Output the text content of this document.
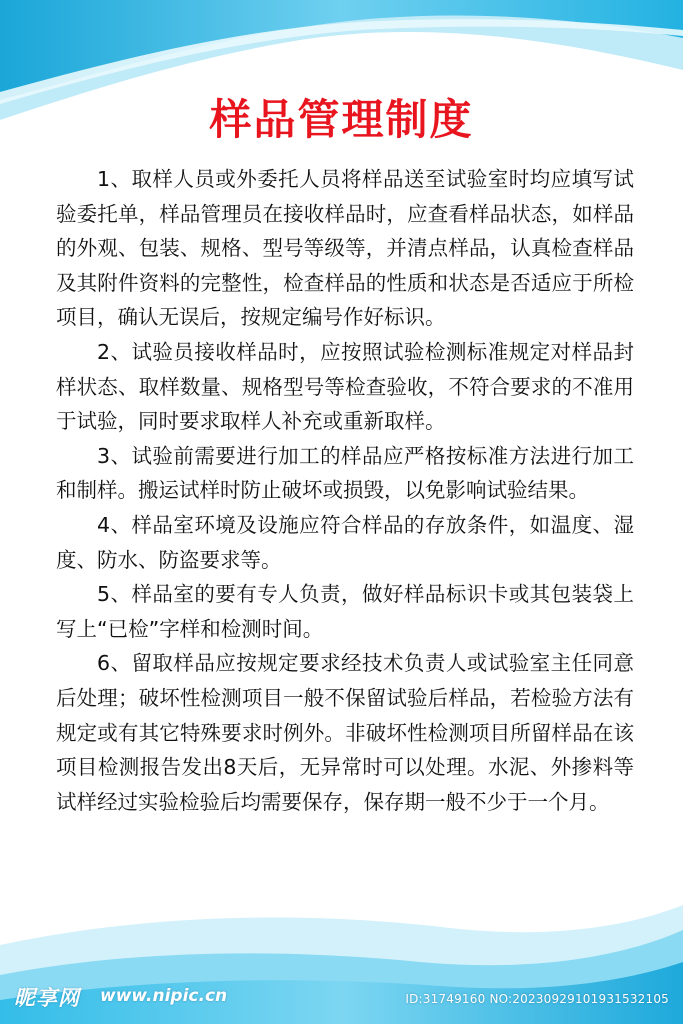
样品管理制度

1、取样人员或外委托人员将样品送至试验室时均应填写试验委托单，样品管理员在接收样品时，应查看样品状态，如样品的外观、包装、规格、型号等级等，并清点样品，认真检查样品及其附件资料的完整性，检查样品的性质和状态是否适应于所检项目，确认无误后，按规定编号作好标识。

2、试验员接收样品时，应按照试验检测标准规定对样品封样状态、取样数量、规格型号等检查验收，不符合要求的不准用于试验，同时要求取样人补充或重新取样。

3、试验前需要进行加工的样品应严格按标准方法进行加工和制样。搬运试样时防止破坏或损毁，以免影响试验结果。

4、样品室环境及设施应符合样品的存放条件，如温度、湿度、防水、防盗要求等。

5、样品室的要有专人负责，做好样品标识卡或其包装袋上写上“已检”字样和检测时间。

6、留取样品应按规定要求经技术负责人或试验室主任同意后处理；破坏性检测项目一般不保留试验后样品，若检验方法有规定或有其它特殊要求时例外。非破坏性检测项目所留样品在该项目检测报告发出8天后，无异常时可以处理。水泥、外掺料等试样经过实验检验后均需要保存，保存期一般不少于一个月。

昵享网 www.nipic.cn	ID:31749160 NO:20230929101931532105
